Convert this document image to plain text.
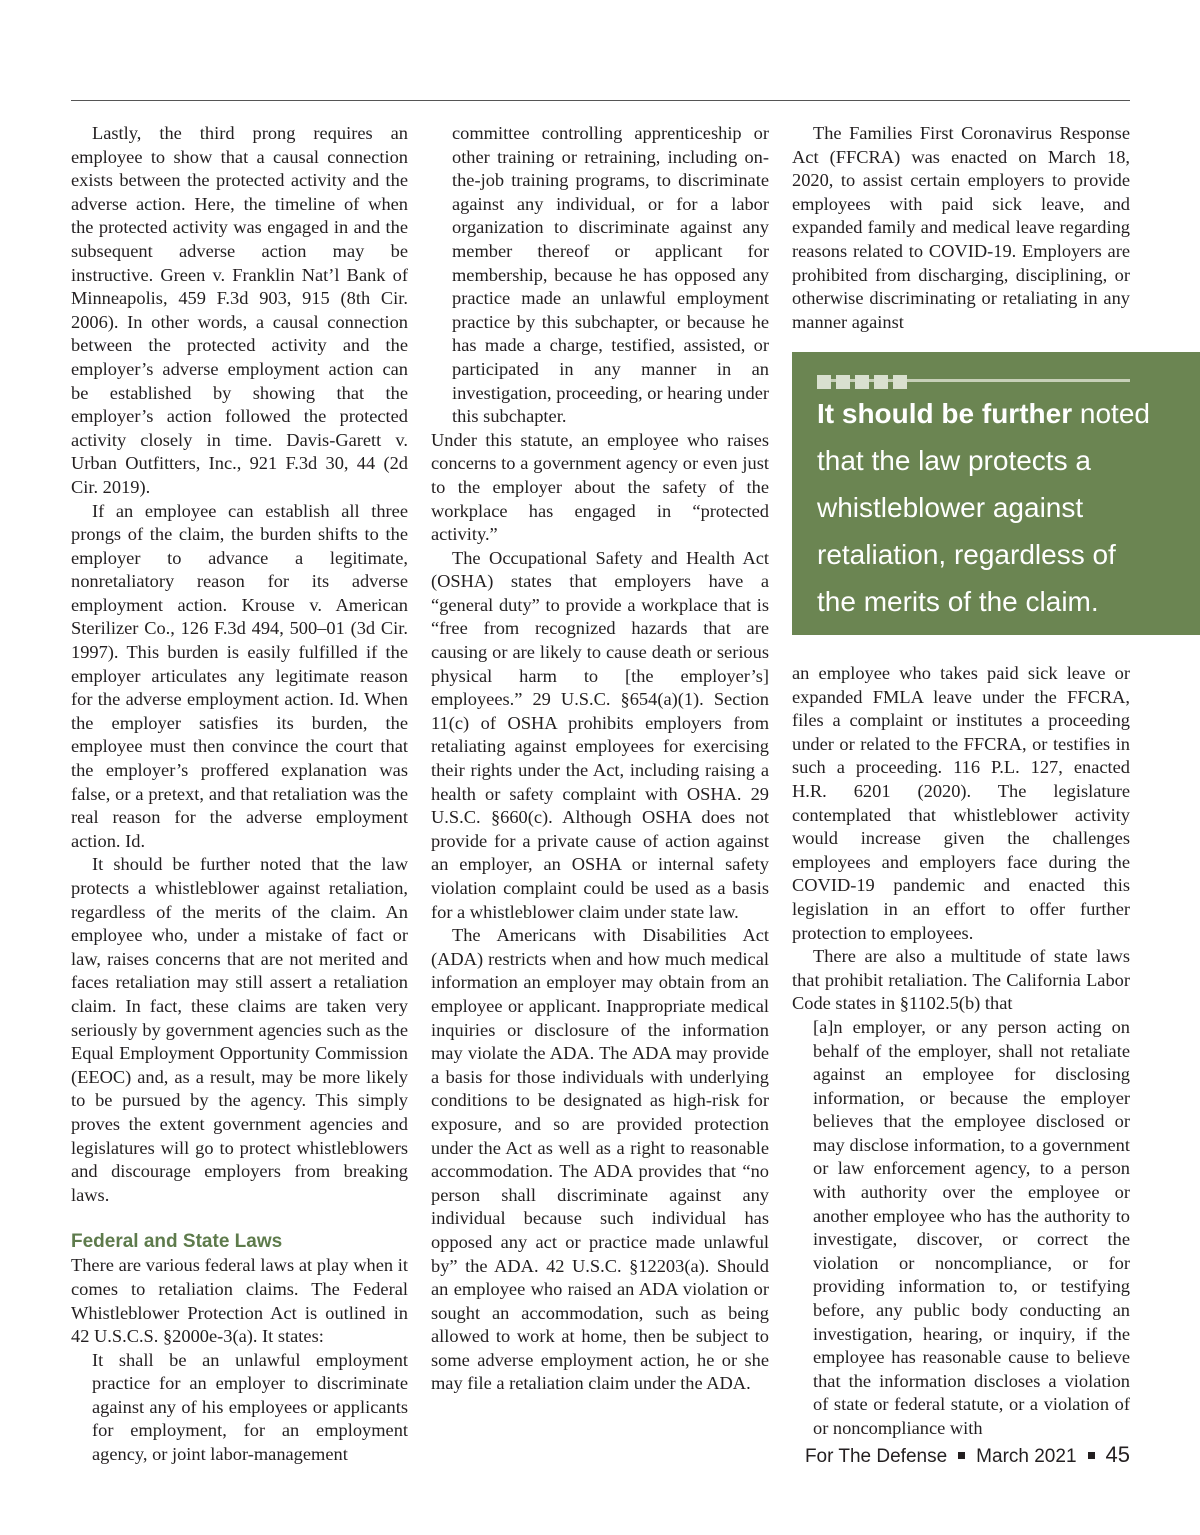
Lastly, the third prong requires an employee to show that a causal connection exists between the protected activity and the adverse action. Here, the timeline of when the protected activity was engaged in and the subsequent adverse action may be instructive. Green v. Franklin Nat’l Bank of Minneapolis, 459 F.3d 903, 915 (8th Cir. 2006). In other words, a causal connection between the protected activity and the employer’s adverse employment action can be established by showing that the employer’s action followed the protected activity closely in time. Davis-Garett v. Urban Outfitters, Inc., 921 F.3d 30, 44 (2d Cir. 2019).

If an employee can establish all three prongs of the claim, the burden shifts to the employer to advance a legitimate, nonretaliatory reason for its adverse employment action. Krouse v. American Sterilizer Co., 126 F.3d 494, 500–01 (3d Cir. 1997). This burden is easily fulfilled if the employer articulates any legitimate reason for the adverse employment action. Id. When the employer satisfies its burden, the employee must then convince the court that the employer’s proffered explanation was false, or a pretext, and that retaliation was the real reason for the adverse employment action. Id.

It should be further noted that the law protects a whistleblower against retaliation, regardless of the merits of the claim. An employee who, under a mistake of fact or law, raises concerns that are not merited and faces retaliation may still assert a retaliation claim. In fact, these claims are taken very seriously by government agencies such as the Equal Employment Opportunity Commission (EEOC) and, as a result, may be more likely to be pursued by the agency. This simply proves the extent government agencies and legislatures will go to protect whistleblowers and discourage employers from breaking laws.

Federal and State Laws

There are various federal laws at play when it comes to retaliation claims. The Federal Whistleblower Protection Act is outlined in 42 U.S.C.S. §2000e-3(a). It states:

It shall be an unlawful employment practice for an employer to discriminate against any of his employees or applicants for employment, for an employment agency, or joint labor-management

committee controlling apprenticeship or other training or retraining, including on-the-job training programs, to discriminate against any individual, or for a labor organization to discriminate against any member thereof or applicant for membership, because he has opposed any practice made an unlawful employment practice by this subchapter, or because he has made a charge, testified, assisted, or participated in any manner in an investigation, proceeding, or hearing under this subchapter.

Under this statute, an employee who raises concerns to a government agency or even just to the employer about the safety of the workplace has engaged in “protected activity.”

The Occupational Safety and Health Act (OSHA) states that employers have a “general duty” to provide a workplace that is “free from recognized hazards that are causing or are likely to cause death or serious physical harm to [the employer’s] employees.” 29 U.S.C. §654(a)(1). Section 11(c) of OSHA prohibits employers from retaliating against employees for exercising their rights under the Act, including raising a health or safety complaint with OSHA. 29 U.S.C. §660(c). Although OSHA does not provide for a private cause of action against an employer, an OSHA or internal safety violation complaint could be used as a basis for a whistleblower claim under state law.

The Americans with Disabilities Act (ADA) restricts when and how much medical information an employer may obtain from an employee or applicant. Inappropriate medical inquiries or disclosure of the information may violate the ADA. The ADA may provide a basis for those individuals with underlying conditions to be designated as high-risk for exposure, and so are provided protection under the Act as well as a right to reasonable accommodation. The ADA provides that “no person shall discriminate against any individual because such individual has opposed any act or practice made unlawful by” the ADA. 42 U.S.C. §12203(a). Should an employee who raised an ADA violation or sought an accommodation, such as being allowed to work at home, then be subject to some adverse employment action, he or she may file a retaliation claim under the ADA.

The Families First Coronavirus Response Act (FFCRA) was enacted on March 18, 2020, to assist certain employers to provide employees with paid sick leave, and expanded family and medical leave regarding reasons related to COVID-19. Employers are prohibited from discharging, disciplining, or otherwise discriminating or retaliating in any manner against

It should be further noted that the law protects a whistleblower against retaliation, regardless of the merits of the claim.

an employee who takes paid sick leave or expanded FMLA leave under the FFCRA, files a complaint or institutes a proceeding under or related to the FFCRA, or testifies in such a proceeding. 116 P.L. 127, enacted H.R. 6201 (2020). The legislature contemplated that whistleblower activity would increase given the challenges employees and employers face during the COVID-19 pandemic and enacted this legislation in an effort to offer further protection to employees.

There are also a multitude of state laws that prohibit retaliation. The California Labor Code states in §1102.5(b) that

[a]n employer, or any person acting on behalf of the employer, shall not retaliate against an employee for disclosing information, or because the employer believes that the employee disclosed or may disclose information, to a government or law enforcement agency, to a person with authority over the employee or another employee who has the authority to investigate, discover, or correct the violation or noncompliance, or for providing information to, or testifying before, any public body conducting an investigation, hearing, or inquiry, if the employee has reasonable cause to believe that the information discloses a violation of state or federal statute, or a violation of or noncompliance with

For The Defense March 2021 45
